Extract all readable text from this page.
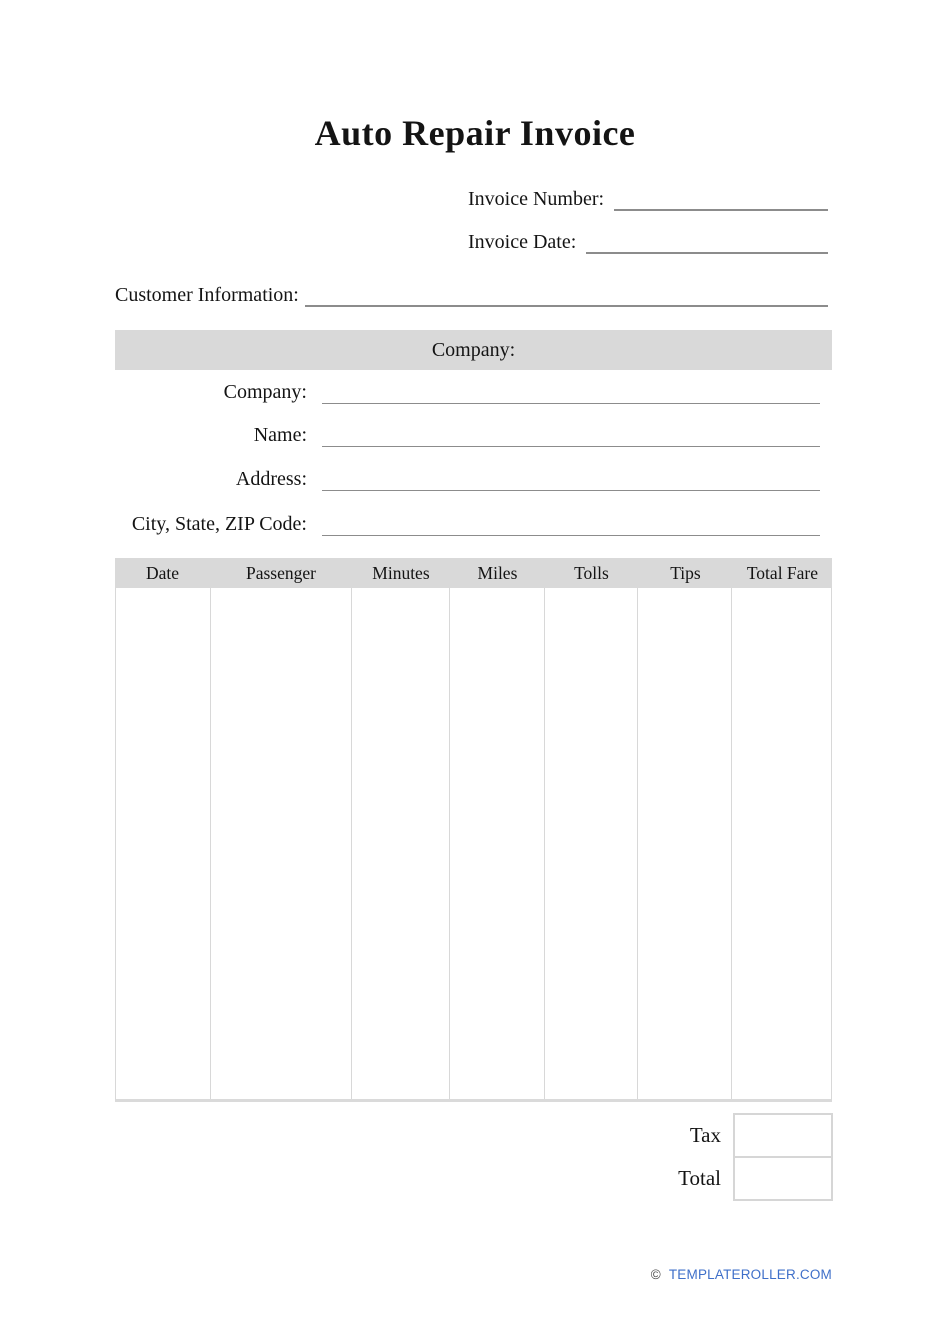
Auto Repair Invoice
Invoice Number:
Invoice Date:
Customer Information:
Company:
Company:
Name:
Address:
City, State, ZIP Code:
Date	Passenger	Minutes	Miles	Tolls	Tips	Total Fare
Tax
Total
© TEMPLATEROLLER.COM
